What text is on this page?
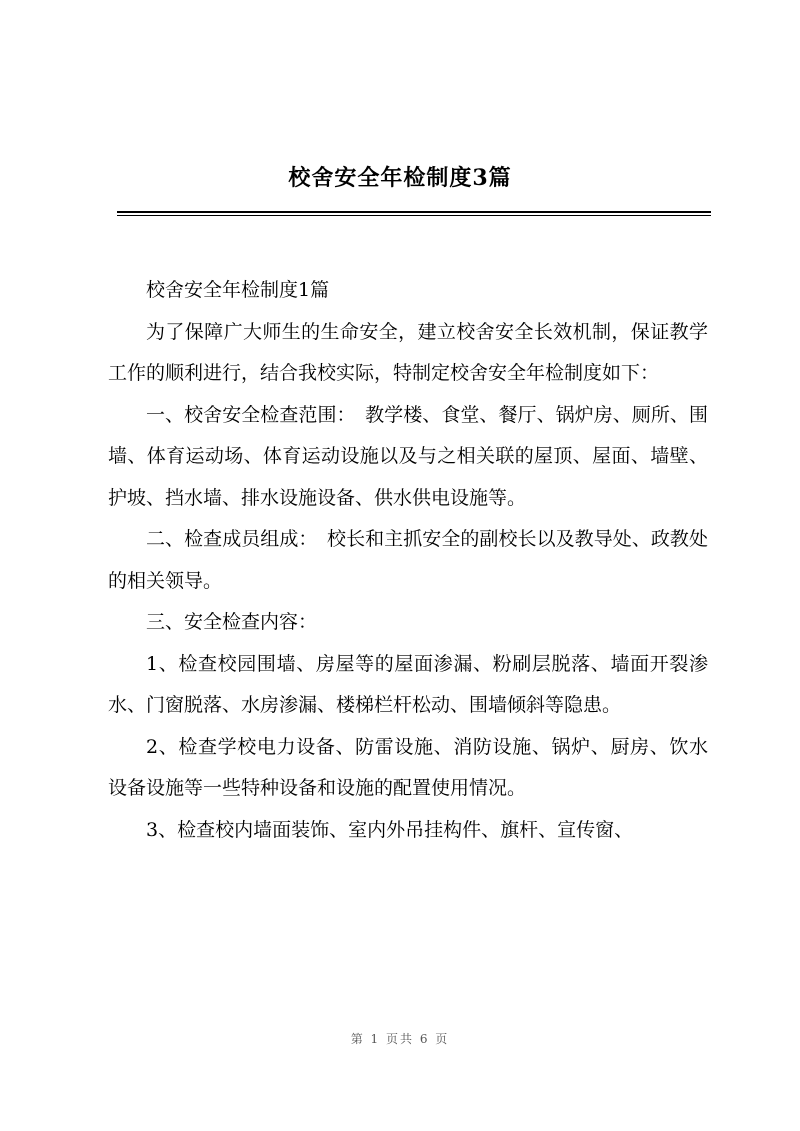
校舍安全年检制度3篇

校舍安全年检制度1篇

为了保障广大师生的生命安全，建立校舍安全长效机制，保证教学工作的顺利进行，结合我校实际，特制定校舍安全年检制度如下：

一、校舍安全检查范围：　教学楼、食堂、餐厅、锅炉房、厕所、围墙、体育运动场、体育运动设施以及与之相关联的屋顶、屋面、墙壁、护坡、挡水墙、排水设施设备、供水供电设施等。

二、检查成员组成：　校长和主抓安全的副校长以及教导处、政教处的相关领导。

三、安全检查内容：

1、检查校园围墙、房屋等的屋面渗漏、粉刷层脱落、墙面开裂渗水、门窗脱落、水房渗漏、楼梯栏杆松动、围墙倾斜等隐患。

2、检查学校电力设备、防雷设施、消防设施、锅炉、厨房、饮水设备设施等一些特种设备和设施的配置使用情况。

3、检查校内墙面装饰、室内外吊挂构件、旗杆、宣传窗、

第 1 页共 6 页
